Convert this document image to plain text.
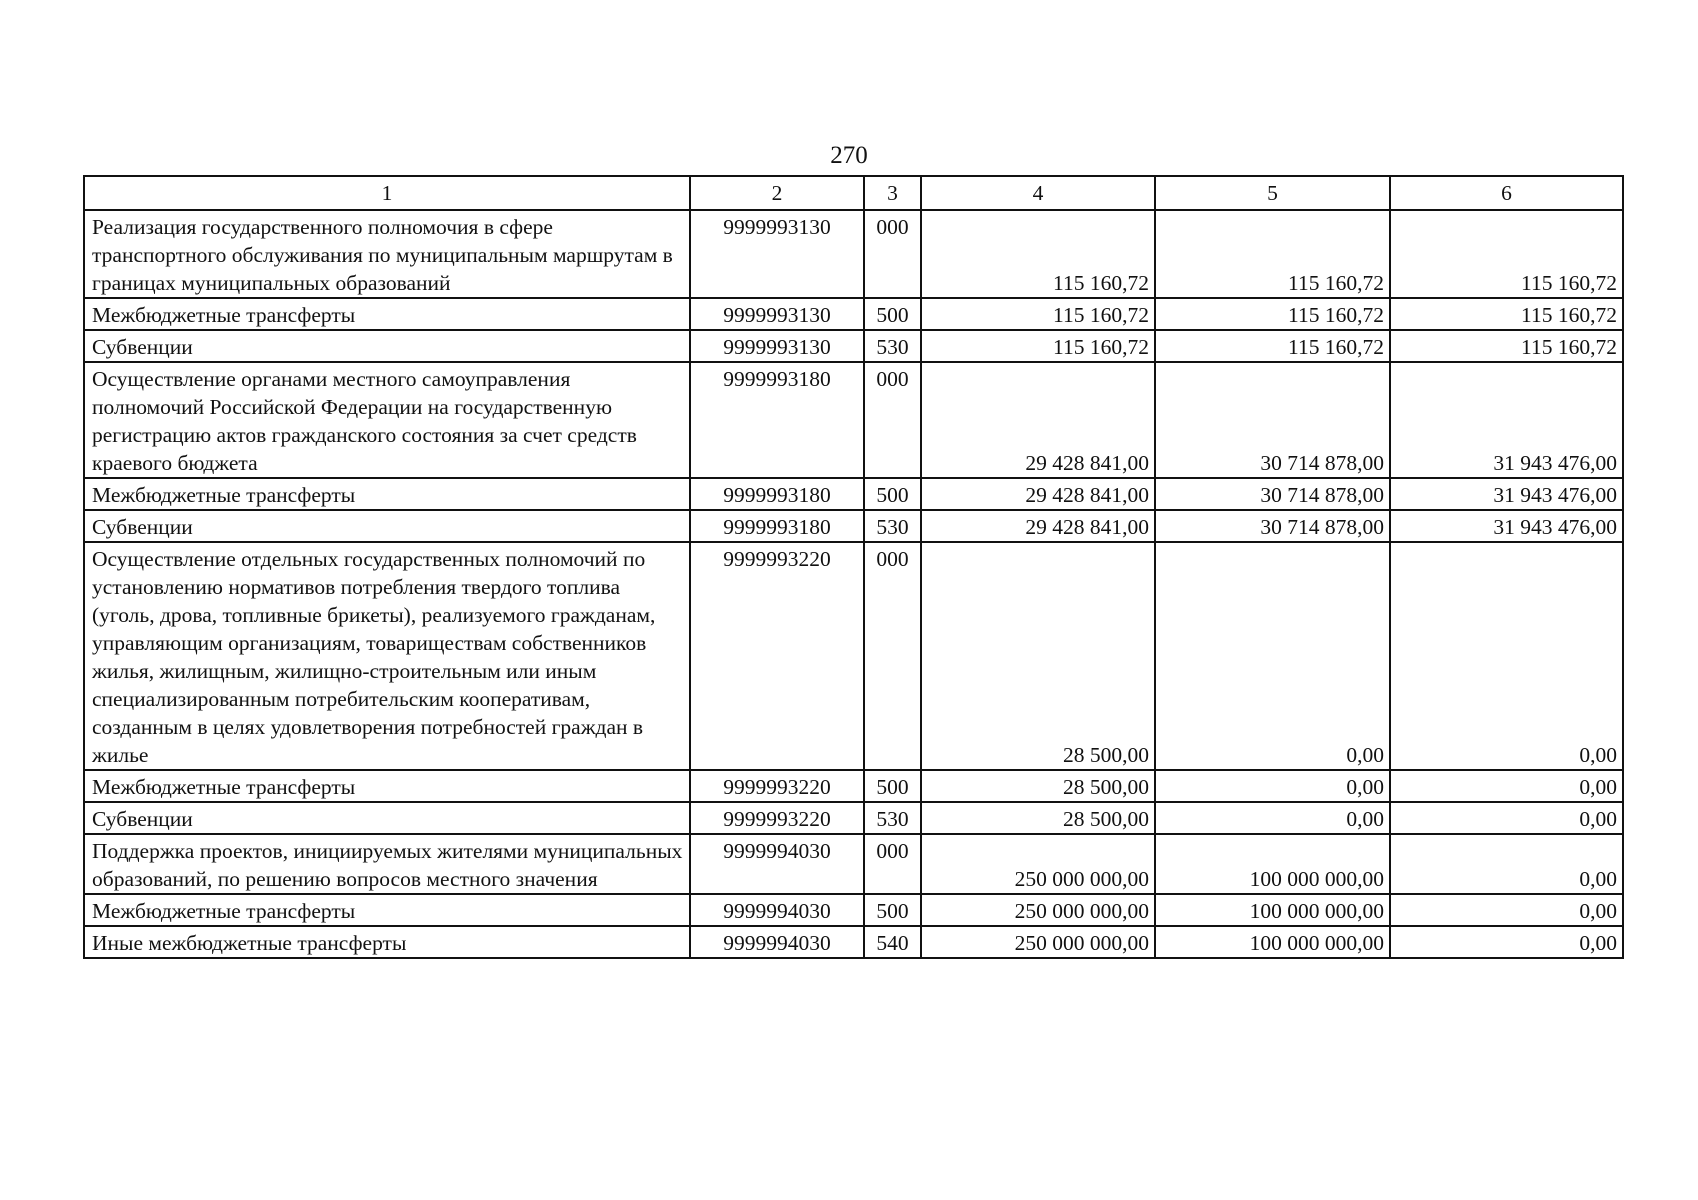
270
1	2	3	4	5	6
Реализация государственного полномочия в сфере транспортного обслуживания по муниципальным маршрутам в границах муниципальных образований	9999993130	000	115 160,72	115 160,72	115 160,72
Межбюджетные трансферты	9999993130	500	115 160,72	115 160,72	115 160,72
Субвенции	9999993130	530	115 160,72	115 160,72	115 160,72
Осуществление органами местного самоуправления полномочий Российской Федерации на государственную регистрацию актов гражданского состояния за счет средств краевого бюджета	9999993180	000	29 428 841,00	30 714 878,00	31 943 476,00
Межбюджетные трансферты	9999993180	500	29 428 841,00	30 714 878,00	31 943 476,00
Субвенции	9999993180	530	29 428 841,00	30 714 878,00	31 943 476,00
Осуществление отдельных государственных полномочий по установлению нормативов потребления твердого топлива (уголь, дрова, топливные брикеты), реализуемого гражданам, управляющим организациям, товариществам собственников жилья, жилищным, жилищно-строительным или иным специализированным потребительским кооперативам, созданным в целях удовлетворения потребностей граждан в жилье	9999993220	000	28 500,00	0,00	0,00
Межбюджетные трансферты	9999993220	500	28 500,00	0,00	0,00
Субвенции	9999993220	530	28 500,00	0,00	0,00
Поддержка проектов, инициируемых жителями муниципальных образований, по решению вопросов местного значения	9999994030	000	250 000 000,00	100 000 000,00	0,00
Межбюджетные трансферты	9999994030	500	250 000 000,00	100 000 000,00	0,00
Иные межбюджетные трансферты	9999994030	540	250 000 000,00	100 000 000,00	0,00
